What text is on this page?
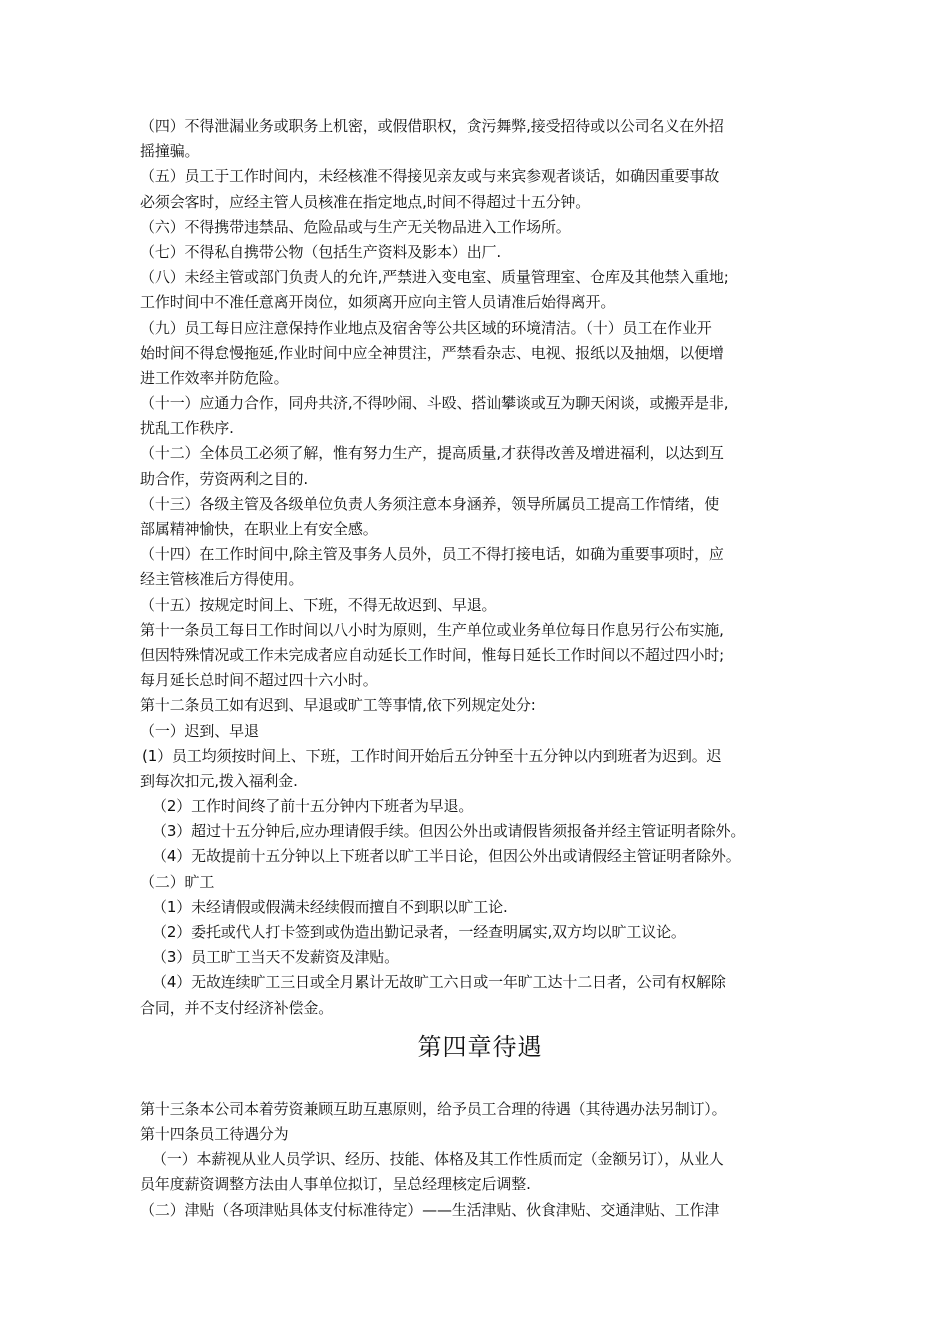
（四）不得泄漏业务或职务上机密，或假借职权，贪污舞弊,接受招待或以公司名义在外招
摇撞骗。
（五）员工于工作时间内，未经核准不得接见亲友或与来宾参观者谈话，如确因重要事故
必须会客时，应经主管人员核准在指定地点,时间不得超过十五分钟。
（六）不得携带违禁品、危险品或与生产无关物品进入工作场所。
（七）不得私自携带公物（包括生产资料及影本）出厂.
（八）未经主管或部门负责人的允许,严禁进入变电室、质量管理室、仓库及其他禁入重地;
工作时间中不准任意离开岗位，如须离开应向主管人员请准后始得离开。
（九）员工每日应注意保持作业地点及宿舍等公共区域的环境清洁。（十）员工在作业开
始时间不得怠慢拖延,作业时间中应全神贯注，严禁看杂志、电视、报纸以及抽烟，以便增
进工作效率并防危险。
（十一）应通力合作，同舟共济,不得吵闹、斗殴、搭讪攀谈或互为聊天闲谈，或搬弄是非,
扰乱工作秩序.
（十二）全体员工必须了解，惟有努力生产，提高质量,才获得改善及增进福利，以达到互
助合作，劳资两利之目的.
（十三）各级主管及各级单位负责人务须注意本身涵养，领导所属员工提高工作情绪，使
部属精神愉快，在职业上有安全感。
（十四）在工作时间中,除主管及事务人员外，员工不得打接电话，如确为重要事项时，应
经主管核准后方得使用。
（十五）按规定时间上、下班，不得无故迟到、早退。
第十一条员工每日工作时间以八小时为原则，生产单位或业务单位每日作息另行公布实施,
但因特殊情况或工作未完成者应自动延长工作时间，惟每日延长工作时间以不超过四小时;
每月延长总时间不超过四十六小时。
第十二条员工如有迟到、早退或旷工等事情,依下列规定处分:
（一）迟到、早退
(1）员工均须按时间上、下班，工作时间开始后五分钟至十五分钟以内到班者为迟到。迟
到每次扣元,拨入福利金.
（2）工作时间终了前十五分钟内下班者为早退。
（3）超过十五分钟后,应办理请假手续。但因公外出或请假皆须报备并经主管证明者除外。
（4）无故提前十五分钟以上下班者以旷工半日论，但因公外出或请假经主管证明者除外。
（二）旷工
（1）未经请假或假满未经续假而擅自不到职以旷工论.
（2）委托或代人打卡签到或伪造出勤记录者，一经查明属实,双方均以旷工议论。
（3）员工旷工当天不发薪资及津贴。
（4）无故连续旷工三日或全月累计无故旷工六日或一年旷工达十二日者，公司有权解除
合同，并不支付经济补偿金。
第四章待遇
第十三条本公司本着劳资兼顾互助互惠原则，给予员工合理的待遇（其待遇办法另制订）。
第十四条员工待遇分为
（一）本薪视从业人员学识、经历、技能、体格及其工作性质而定（金额另订），从业人
员年度薪资调整方法由人事单位拟订，呈总经理核定后调整.
（二）津贴（各项津贴具体支付标准待定）——生活津贴、伙食津贴、交通津贴、工作津
